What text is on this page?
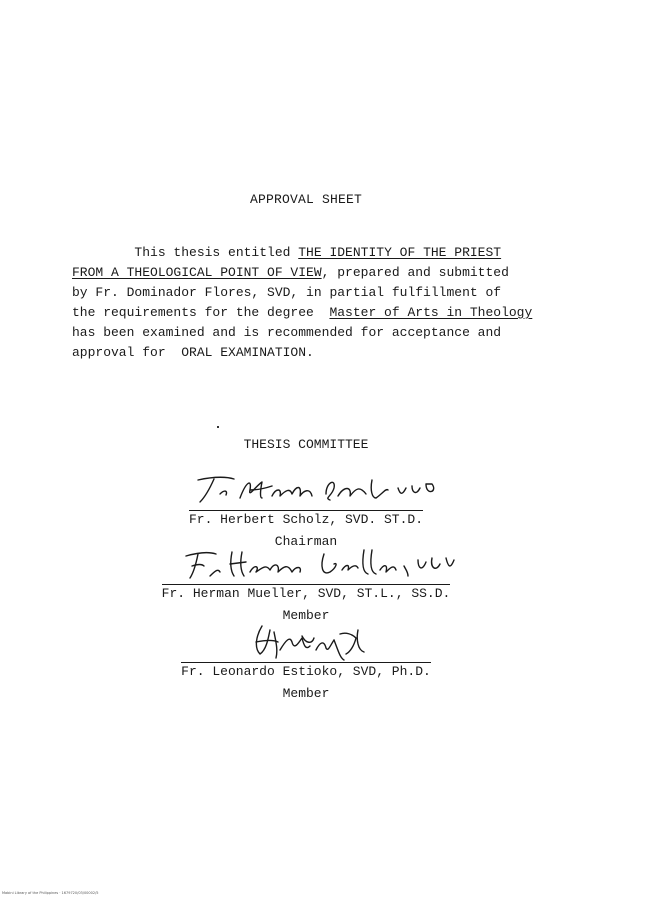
APPROVAL SHEET
This thesis entitled THE IDENTITY OF THE PRIEST
FROM A THEOLOGICAL POINT OF VIEW, prepared and submitted
by Fr. Dominador Flores, SVD, in partial fulfillment of
the requirements for the degree  Master of Arts in Theology
has been examined and is recommended for acceptance and
approval for  ORAL EXAMINATION.
THESIS COMMITTEE
Fr. Herbert Scholz, SVD. ST.D.
Chairman
Fr. Herman Mueller, SVD, ST.L., SS.D.
Member
Fr. Leonardo Estioko, SVD, Ph.D.
Member
Mabini Library of the Philippines · 1679720/03/00002/5
